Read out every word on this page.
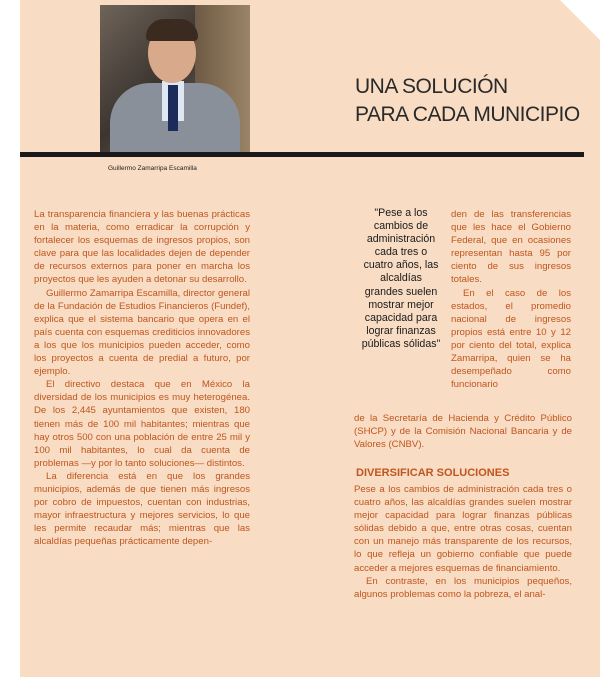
Guillermo Zamarripa Escamilla
UNA SOLUCIÓN
PARA CADA MUNICIPIO

La transparencia financiera y las buenas prácticas en la materia, como erradicar la corrupción y fortalecer los esquemas de ingresos propios, son clave para que las localidades dejen de depender de recursos externos para poner en marcha los proyectos que les ayuden a detonar su desarrollo.

Guillermo Zamarripa Escamilla, director general de la Fundación de Estudios Financieros (Fundef), explica que el sistema bancario que opera en el país cuenta con esquemas crediticios innovadores a los que los municipios pueden acceder, como los proyectos a cuenta de predial a futuro, por ejemplo.

El directivo destaca que en México la diversidad de los municipios es muy heterogénea. De los 2,445 ayuntamientos que existen, 180 tienen más de 100 mil habitantes; mientras que hay otros 500 con una población de entre 25 mil y 100 mil habitantes, lo cual da cuenta de problemas —y por lo tanto soluciones— distintos.

La diferencia está en que los grandes municipios, además de que tienen más ingresos por cobro de impuestos, cuentan con industrias, mayor infraestructura y mejores servicios, lo que les permite recaudar más; mientras que las alcaldías pequeñas prácticamente depen-

"Pese a los cambios de administración cada tres o cuatro años, las alcaldías grandes suelen mostrar mejor capacidad para lograr finanzas públicas sólidas"

den de las transferencias que les hace el Gobierno Federal, que en ocasiones representan hasta 95 por ciento de sus ingresos totales.

En el caso de los estados, el promedio nacional de ingresos propios está entre 10 y 12 por ciento del total, explica Zamarripa, quien se ha desempeñado como funcionario

de la Secretaría de Hacienda y Crédito Público (SHCP) y de la Comisión Nacional Bancaria y de Valores (CNBV).

DIVERSIFICAR SOLUCIONES

Pese a los cambios de administración cada tres o cuatro años, las alcaldías grandes suelen mostrar mejor capacidad para lograr finanzas públicas sólidas debido a que, entre otras cosas, cuentan con un manejo más transparente de los recursos, lo que refleja un gobierno confiable que puede acceder a mejores esquemas de financiamiento.

En contraste, en los municipios pequeños, algunos problemas como la pobreza, el anal-
